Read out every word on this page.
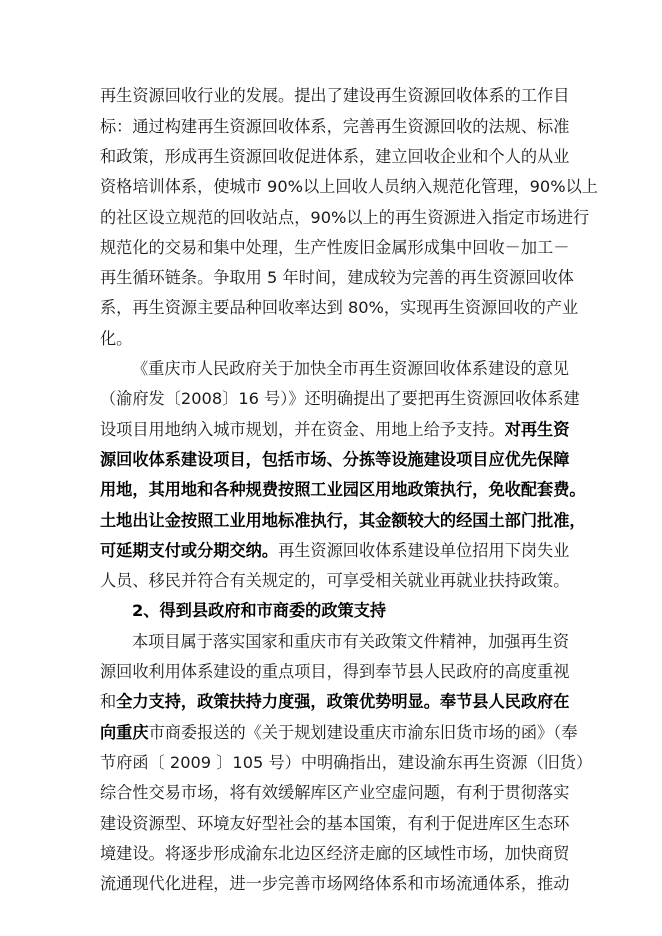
再生资源回收行业的发展。提出了建设再生资源回收体系的工作目
标：通过构建再生资源回收体系，完善再生资源回收的法规、标准
和政策，形成再生资源回收促进体系，建立回收企业和个人的从业
资格培训体系，使城市 90%以上回收人员纳入规范化管理，90%以上
的社区设立规范的回收站点，90%以上的再生资源进入指定市场进行
规范化的交易和集中处理，生产性废旧金属形成集中回收－加工－
再生循环链条。争取用 5 年时间，建成较为完善的再生资源回收体
系，再生资源主要品种回收率达到 80%，实现再生资源回收的产业
化。
《重庆市人民政府关于加快全市再生资源回收体系建设的意见
（渝府发〔2008〕16 号）》还明确提出了要把再生资源回收体系建
设项目用地纳入城市规划，并在资金、用地上给予支持。对再生资
源回收体系建设项目，包括市场、分拣等设施建设项目应优先保障
用地，其用地和各种规费按照工业园区用地政策执行，免收配套费。
土地出让金按照工业用地标准执行，其金额较大的经国土部门批准，
可延期支付或分期交纳。再生资源回收体系建设单位招用下岗失业
人员、移民并符合有关规定的，可享受相关就业再就业扶持政策。
2、得到县政府和市商委的政策支持
本项目属于落实国家和重庆市有关政策文件精神，加强再生资
源回收利用体系建设的重点项目，得到奉节县人民政府的高度重视
和全力支持，政策扶持力度强，政策优势明显。奉节县人民政府在
向重庆市商委报送的《关于规划建设重庆市渝东旧货市场的函》（奉
节府函〔 2009 〕105 号）中明确指出，建设渝东再生资源（旧货）
综合性交易市场，将有效缓解库区产业空虚问题，有利于贯彻落实
建设资源型、环境友好型社会的基本国策，有利于促进库区生态环
境建设。将逐步形成渝东北边区经济走廊的区域性市场，加快商贸
流通现代化进程，进一步完善市场网络体系和市场流通体系，推动
